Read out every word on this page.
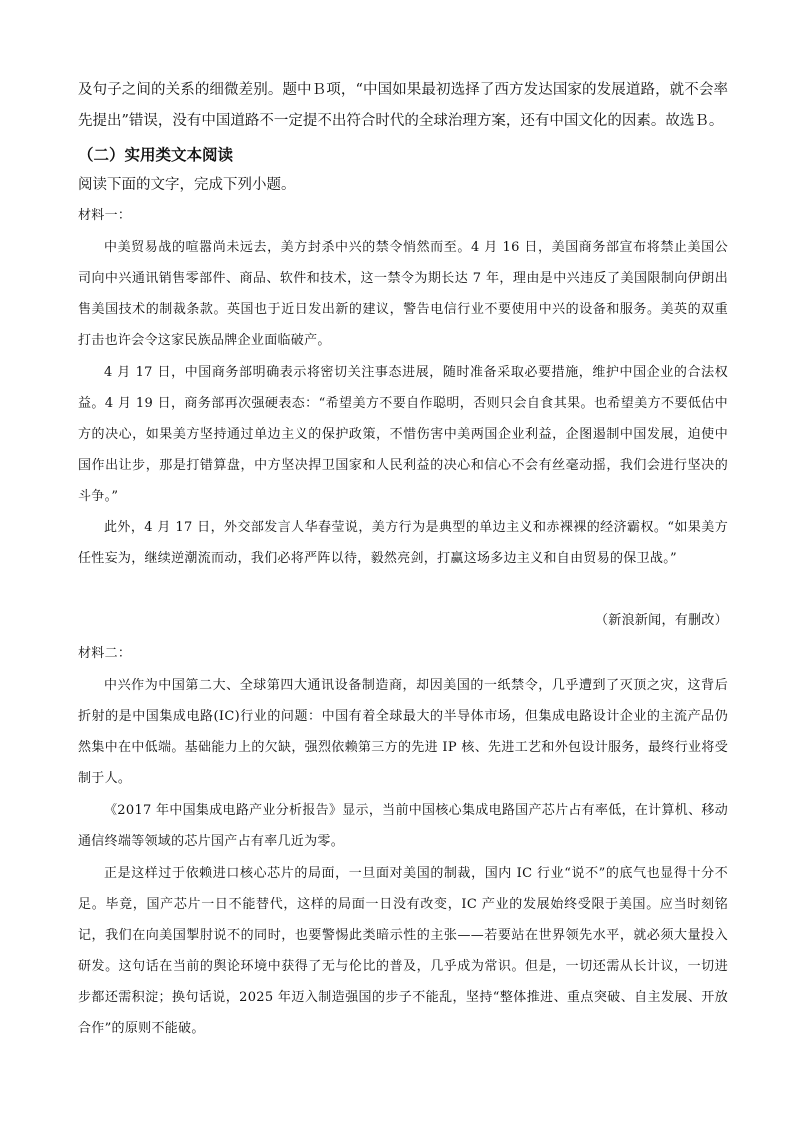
及句子之间的关系的细微差别。题中Ｂ项，“中国如果最初选择了西方发达国家的发展道路，就不会率先提出”错误，没有中国道路不一定提不出符合时代的全球治理方案，还有中国文化的因素。故选Ｂ。

（二）实用类文本阅读

阅读下面的文字，完成下列小题。

材料一：

中美贸易战的喧嚣尚未远去，美方封杀中兴的禁令悄然而至。4 月 16 日，美国商务部宣布将禁止美国公司向中兴通讯销售零部件、商品、软件和技术，这一禁令为期长达 7 年，理由是中兴违反了美国限制向伊朗出售美国技术的制裁条款。英国也于近日发出新的建议，警告电信行业不要使用中兴的设备和服务。美英的双重打击也许会令这家民族品牌企业面临破产。

4 月 17 日，中国商务部明确表示将密切关注事态进展，随时准备采取必要措施，维护中国企业的合法权益。4 月 19 日，商务部再次强硬表态：“希望美方不要自作聪明，否则只会自食其果。也希望美方不要低估中方的决心，如果美方坚持通过单边主义的保护政策，不惜伤害中美两国企业利益，企图遏制中国发展，迫使中国作出让步，那是打错算盘，中方坚决捍卫国家和人民利益的决心和信心不会有丝毫动摇，我们会进行坚决的斗争。”

此外，4 月 17 日，外交部发言人华春莹说，美方行为是典型的单边主义和赤裸裸的经济霸权。“如果美方任性妄为，继续逆潮流而动，我们必将严阵以待，毅然亮剑，打赢这场多边主义和自由贸易的保卫战。”

（新浪新闻，有删改）

材料二：

中兴作为中国第二大、全球第四大通讯设备制造商，却因美国的一纸禁令，几乎遭到了灭顶之灾，这背后折射的是中国集成电路(IC)行业的问题：中国有着全球最大的半导体市场，但集成电路设计企业的主流产品仍然集中在中低端。基础能力上的欠缺，强烈依赖第三方的先进 IP 核、先进工艺和外包设计服务，最终行业将受制于人。

《2017 年中国集成电路产业分析报告》显示，当前中国核心集成电路国产芯片占有率低，在计算机、移动通信终端等领域的芯片国产占有率几近为零。

正是这样过于依赖进口核心芯片的局面，一旦面对美国的制裁，国内 IC 行业“说不”的底气也显得十分不足。毕竟，国产芯片一日不能替代，这样的局面一日没有改变，IC 产业的发展始终受限于美国。应当时刻铭记，我们在向美国掣肘说不的同时，也要警惕此类暗示性的主张——若要站在世界领先水平，就必须大量投入研发。这句话在当前的舆论环境中获得了无与伦比的普及，几乎成为常识。但是，一切还需从长计议，一切进步都还需积淀；换句话说，2025 年迈入制造强国的步子不能乱，坚持“整体推进、重点突破、自主发展、开放合作”的原则不能破。
